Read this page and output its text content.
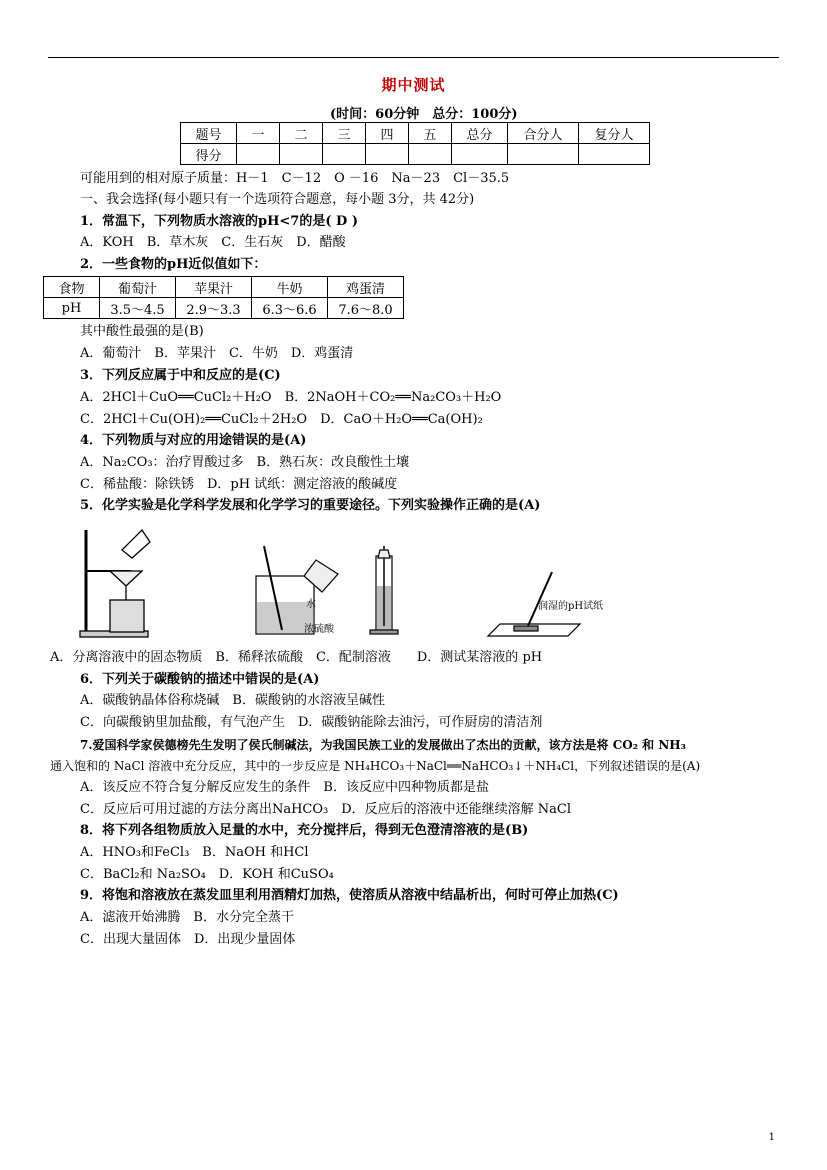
期中测试
(时间：60分钟　总分：100分)
题号	一	二	三	四	五	总分	合分人	复分人
得分								
可能用到的相对原子质量：H－1　C－12　O －16　Na－23　Cl－35.5
一、我会选择(每小题只有一个选项符合题意，每小题 3分，共 42分)
1．常温下，下列物质水溶液的pH<7的是( D )
A．KOH　B．草木灰　C．生石灰　D．醋酸
2．一些食物的pH近似值如下：
食物	葡萄汁	苹果汁	牛奶	鸡蛋清
pH	3.5～4.5	2.9～3.3	6.3～6.6	7.6～8.0
其中酸性最强的是(B)
A．葡萄汁　B．苹果汁　C．牛奶　D．鸡蛋清
3．下列反应属于中和反应的是(C)
A．2HCl＋CuO══CuCl₂＋H₂O　B．2NaOH＋CO₂══Na₂CO₃＋H₂O
C．2HCl＋Cu(OH)₂══CuCl₂＋2H₂O　D．CaO＋H₂O══Ca(OH)₂
4．下列物质与对应的用途错误的是(A)
A．Na₂CO₃：治疗胃酸过多　B．熟石灰：改良酸性土壤
C．稀盐酸：除铁锈　D．pH 试纸：测定溶液的酸碱度
5．化学实验是化学科学发展和化学学习的重要途径。下列实验操作正确的是(A)
水
浓硫酸
润湿的pH试纸
A．分离溶液中的固态物质　B．稀释浓硫酸　C．配制溶液　　D．测试某溶液的 pH
6．下列关于碳酸钠的描述中错误的是(A)
A．碳酸钠晶体俗称烧碱　B．碳酸钠的水溶液呈碱性
C．向碳酸钠里加盐酸，有气泡产生　D．碳酸钠能除去油污，可作厨房的清洁剂
7.爱国科学家侯德榜先生发明了侯氏制碱法，为我国民族工业的发展做出了杰出的贡献，该方法是将 CO₂ 和 NH₃
通入饱和的 NaCl 溶液中充分反应，其中的一步反应是 NH₄HCO₃＋NaCl══NaHCO₃↓＋NH₄Cl，下列叙述错误的是(A)
A．该反应不符合复分解反应发生的条件　B．该反应中四种物质都是盐
C．反应后可用过滤的方法分离出NaHCO₃　D．反应后的溶液中还能继续溶解 NaCl
8．将下列各组物质放入足量的水中，充分搅拌后，得到无色澄清溶液的是(B)
A．HNO₃和FeCl₃　B．NaOH 和HCl
C．BaCl₂和 Na₂SO₄　D．KOH 和CuSO₄
9．将饱和溶液放在蒸发皿里利用酒精灯加热，使溶质从溶液中结晶析出，何时可停止加热(C)
A．滤液开始沸腾　B．水分完全蒸干
C．出现大量固体　D．出现少量固体
1
